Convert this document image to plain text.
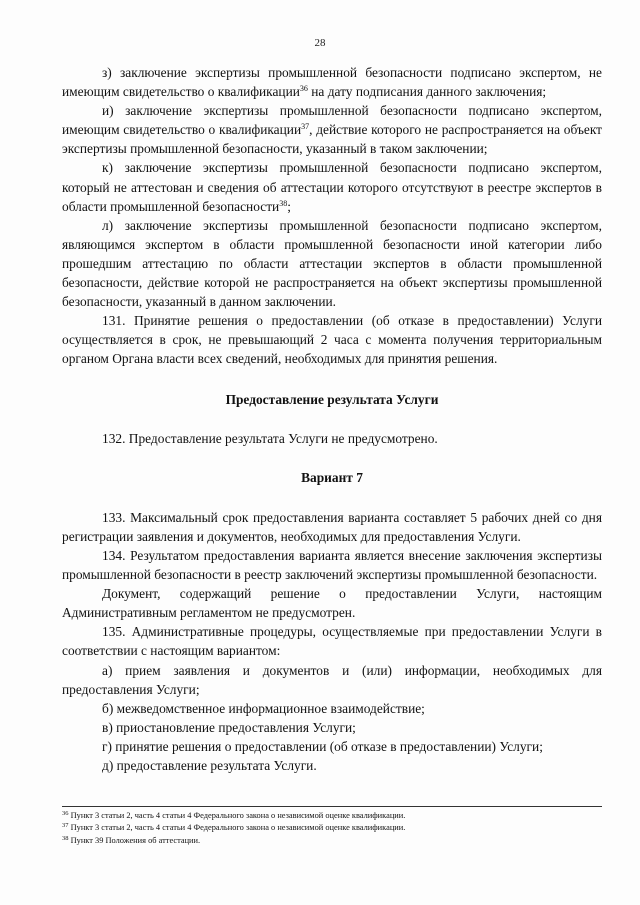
28

з) заключение экспертизы промышленной безопасности подписано экспертом, не имеющим свидетельство о квалификации$^{36}$ на дату подписания данного заключения;

и) заключение экспертизы промышленной безопасности подписано экспертом, имеющим свидетельство о квалификации$^{37}$, действие которого не распространяется на объект экспертизы промышленной безопасности, указанный в таком заключении;

к) заключение экспертизы промышленной безопасности подписано экспертом, который не аттестован и сведения об аттестации которого отсутствуют в реестре экспертов в области промышленной безопасности$^{38}$;

л) заключение экспертизы промышленной безопасности подписано экспертом, являющимся экспертом в области промышленной безопасности иной категории либо прошедшим аттестацию по области аттестации экспертов в области промышленной безопасности, действие которой не распространяется на объект экспертизы промышленной безопасности, указанный в данном заключении.

131. Принятие решения о предоставлении (об отказе в предоставлении) Услуги осуществляется в срок, не превышающий 2 часа с момента получения территориальным органом Органа власти всех сведений, необходимых для принятия решения.

Предоставление результата Услуги

132. Предоставление результата Услуги не предусмотрено.

Вариант 7

133. Максимальный срок предоставления варианта составляет 5 рабочих дней со дня регистрации заявления и документов, необходимых для предоставления Услуги.

134. Результатом предоставления варианта является внесение заключения экспертизы промышленной безопасности в реестр заключений экспертизы промышленной безопасности.

Документ, содержащий решение о предоставлении Услуги, настоящим Административным регламентом не предусмотрен.

135. Административные процедуры, осуществляемые при предоставлении Услуги в соответствии с настоящим вариантом:

а) прием заявления и документов и (или) информации, необходимых для предоставления Услуги;

б) межведомственное информационное взаимодействие;

в) приостановление предоставления Услуги;

г) принятие решения о предоставлении (об отказе в предоставлении) Услуги;

д) предоставление результата Услуги.

$^{36}$ Пункт 3 статьи 2, часть 4 статьи 4 Федерального закона о независимой оценке квалификации.
$^{37}$ Пункт 3 статьи 2, часть 4 статьи 4 Федерального закона о независимой оценке квалификации.
$^{38}$ Пункт 39 Положения об аттестации.
